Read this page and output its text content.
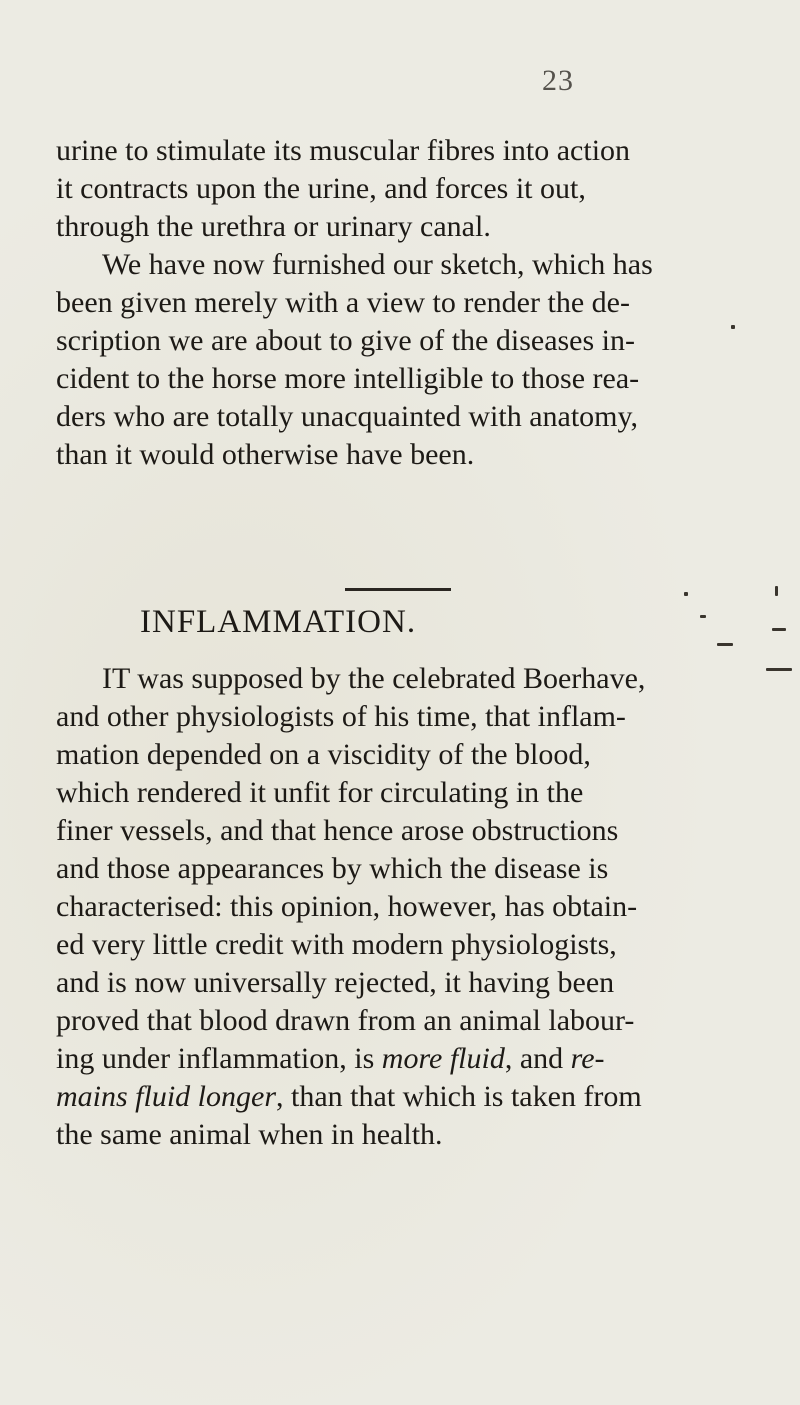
23
urine to stimulate its muscular fibres into action
it contracts upon the urine, and forces it out,
through the urethra or urinary canal.
We have now furnished our sketch, which has
been given merely with a view to render the de-
scription we are about to give of the diseases in-
cident to the horse more intelligible to those rea-
ders who are totally unacquainted with anatomy,
than it would otherwise have been.
INFLAMMATION.
IT was supposed by the celebrated Boerhave,
and other physiologists of his time, that inflam-
mation depended on a viscidity of the blood,
which rendered it unfit for circulating in the
finer vessels, and that hence arose obstructions
and those appearances by which the disease is
characterised: this opinion, however, has obtain-
ed very little credit with modern physiologists,
and is now universally rejected, it having been
proved that blood drawn from an animal labour-
ing under inflammation, is more fluid, and re-
mains fluid longer, than that which is taken from
the same animal when in health.
